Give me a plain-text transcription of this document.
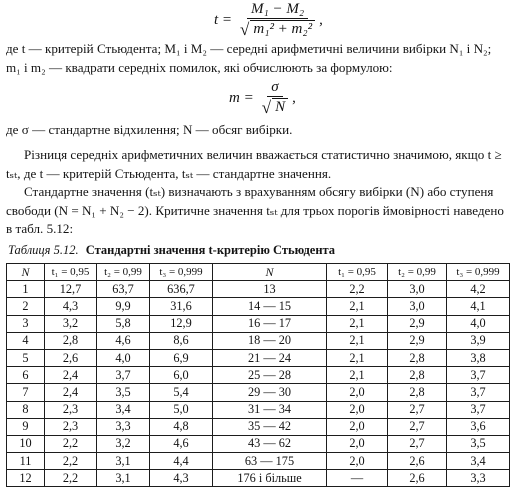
$t = \frac{\text{M₁ − M₂}}{\text{√ m₁² + m₂²}}$ ,

де t — критерій Стьюдента; M₁ і M₂ — середні арифметичні величини вибірки N₁ і N₂; m₁ і m₂ — квадрати середніх помилок, які обчислюють за формулою:

$m = \frac{\sigma}{√ N}$ ,

де σ — стандартне відхилення; N — обсяг вибірки.

Різниця середніх арифметичних величин вважається статистично значимою, якщо t ≥ tₛₜ, де t — критерій Стьюдента, tₛₜ — стандартне значення.

Стандартне значення (tₛₜ) визначають з врахуванням обсягу вибірки (N) або ступеня свободи (N = N₁ + N₂ − 2). Критичне значення tₛₜ для трьох порогів ймовірності наведено в табл. 5.12:

Таблиця 5.12. Стандартні значення t-критерію Стьюдента
N	t₁ = 0,95	t₂ = 0,99	t₃ = 0,999	N	t₁ = 0,95	t₂ = 0,99	t₃ = 0,999
1	12,7	63,7	636,7	13	2,2	3,0	4,2
2	4,3	9,9	31,6	14 — 15	2,1	3,0	4,1
3	3,2	5,8	12,9	16 — 17	2,1	2,9	4,0
4	2,8	4,6	8,6	18 — 20	2,1	2,9	3,9
5	2,6	4,0	6,9	21 — 24	2,1	2,8	3,8
6	2,4	3,7	6,0	25 — 28	2,1	2,8	3,7
7	2,4	3,5	5,4	29 — 30	2,0	2,8	3,7
8	2,3	3,4	5,0	31 — 34	2,0	2,7	3,7
9	2,3	3,3	4,8	35 — 42	2,0	2,7	3,6
10	2,2	3,2	4,6	43 — 62	2,0	2,7	3,5
11	2,2	3,1	4,4	63 — 175	2,0	2,6	3,4
12	2,2	3,1	4,3	176 і більше	—	2,6	3,3
